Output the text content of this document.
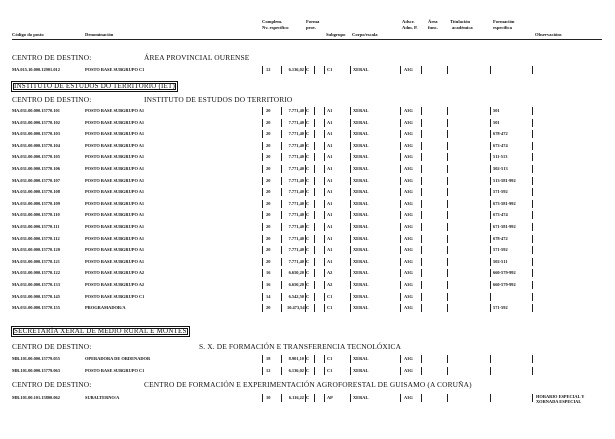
Complem.	Forma	Adscr.	Área	Titulación	Formación
Código do posto	Denominación
Nv. específico	prov.
Subgrupo Corpo/escala
Adm. P. func.	académica	específica
Observacións
CENTRO DE DESTINO:	ÁREA PROVINCIAL OURENSE
MA.015.10.000.12901.012	POSTO BASE SUBGRUPO C1	12	6.136,02 C	C1	XERAL	A3G
INSTITUTO DE ESTUDOS DO TERRITORIO (IET)
CENTRO DE DESTINO:	INSTITUTO DE ESTUDOS DO TERRITORIO
MA.031.00.000.15770.101	POSTO BASE SUBGRUPO A1	20	7.771,40 C	A1	XERAL	A3G	501
MA.031.00.000.15770.102	POSTO BASE SUBGRUPO A1	20	7.771,40 C	A1	XERAL	A3G	501
MA.031.00.000.15770.103	POSTO BASE SUBGRUPO A1	20	7.771,40 C	A1	XERAL	A3G	678-472
MA.031.00.000.15770.104	POSTO BASE SUBGRUPO A1	20	7.771,40 C	A1	XERAL	A3G	673-474
MA.031.00.000.15770.105	POSTO BASE SUBGRUPO A1	20	7.771,40 C	A1	XERAL	A3G	511-513
MA.031.00.000.15770.106	POSTO BASE SUBGRUPO A1	20	7.771,40 C	A1	XERAL	A3G	502-513
MA.031.00.000.15770.107	POSTO BASE SUBGRUPO A1	20	7.771,40 C	A1	XERAL	A3G	513-581-992
MA.031.00.000.15770.108	POSTO BASE SUBGRUPO A1	20	7.771,40 C	A1	XERAL	A3G	571-592
MA.031.00.000.15770.109	POSTO BASE SUBGRUPO A1	20	7.771,40 C	A1	XERAL	A3G	673-581-992
MA.031.00.000.15770.110	POSTO BASE SUBGRUPO A1	20	7.771,40 C	A1	XERAL	A3G	673-474
MA.031.00.000.15770.111	POSTO BASE SUBGRUPO A1	20	7.771,40 C	A1	XERAL	A3G	671-581-992
MA.031.00.000.15770.112	POSTO BASE SUBGRUPO A1	20	7.771,40 C	A1	XERAL	A3G	678-472
MA.031.00.000.15770.120	POSTO BASE SUBGRUPO A1	20	7.771,40 C	A1	XERAL	A3G	571-592
MA.031.00.000.15770.121	POSTO BASE SUBGRUPO A1	20	7.771,40 C	A1	XERAL	A3G	502-511
MA.031.00.000.15770.122	POSTO BASE SUBGRUPO A2	16	6.650,20 C	A2	XERAL	A3G	660-579-992
MA.031.00.000.15770.133	POSTO BASE SUBGRUPO A2	16	6.650,20 C	A2	XERAL	A3G	660-579-992
MA.031.00.000.15770.145	POSTO BASE SUBGRUPO C1	14	6.542,50 C	C1	XERAL	A3G
MA.031.00.000.15770.155	PROGRAMADOR/A	20	10.473,54 C	C1	XERAL	A3G	571-592
SECRETARÍA XERAL DE MEDIO RURAL E MONTES
CENTRO DE DESTINO:	S. X. DE FORMACIÓN E TRANSFERENCIA TECNOLÓXICA
MR.101.00.000.15779.055	OPERADORA DE ORDENADOR	18	8.901,10 C	C1	XERAL	A3G
MR.101.00.000.15779.063	POSTO BASE SUBGRUPO C1	12	6.136,02 C	C1	XERAL	A3G
CENTRO DE DESTINO:	CENTRO DE FORMACIÓN E EXPERIMENTACIÓN AGROFORESTAL DE GUISAMO (A CORUÑA)
MR.101.00.101.15800.062	SUBALTERNO/A	10	6.116,22 C	AP	XERAL	A3G	HORARIO ESPECIAL Y XORNADA ESPECIAL
